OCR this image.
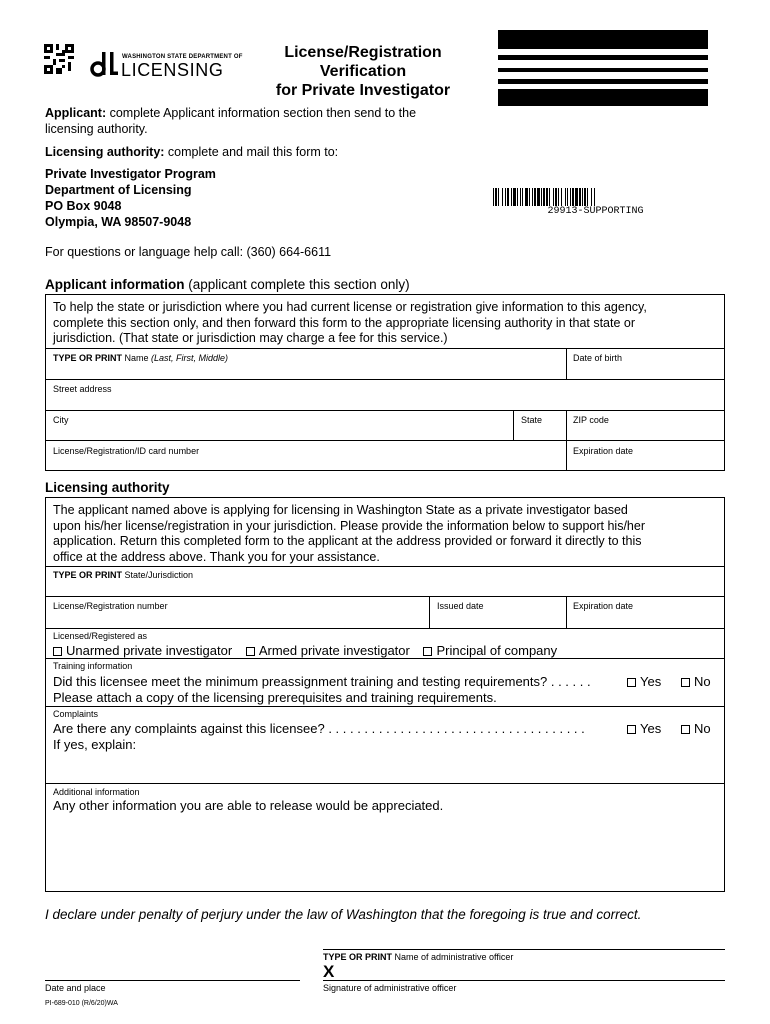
WASHINGTON STATE DEPARTMENT OF
LICENSING
License/Registration
Verification
for Private Investigator
29913-SUPPORTING
Applicant: complete Applicant information section then send to the
licensing authority.
Licensing authority: complete and mail this form to:
Private Investigator Program
Department of Licensing
PO Box 9048
Olympia, WA 98507-9048
For questions or language help call: (360) 664-6611
Applicant information (applicant complete this section only)
To help the state or jurisdiction where you had current license or registration give information to this agency,
complete this section only, and then forward this form to the appropriate licensing authority in that state or
jurisdiction. (That state or jurisdiction may charge a fee for this service.)
TYPE OR PRINT Name (Last, First, Middle)	Date of birth
Street address
City	State	ZIP code
License/Registration/ID card number	Expiration date
Licensing authority
The applicant named above is applying for licensing in Washington State as a private investigator based
upon his/her license/registration in your jurisdiction. Please provide the information below to support his/her
application. Return this completed form to the applicant at the address provided or forward it directly to this
office at the address above. Thank you for your assistance.
TYPE OR PRINT State/Jurisdiction
License/Registration number	Issued date	Expiration date
Licensed/Registered as
Unarmed private investigator Armed private investigator Principal of company
Training information
Did this licensee meet the minimum preassignment training and testing requirements? . . . . . .	Yes	No
Please attach a copy of the licensing prerequisites and training requirements.
Complaints
Are there any complaints against this licensee? . . . . . . . . . . . . . . . . . . . . . . . . . . . . . . . . . . . .	Yes	No
If yes, explain:
Additional information
Any other information you are able to release would be appreciated.
I declare under penalty of perjury under the law of Washington that the foregoing is true and correct.
TYPE OR PRINT Name of administrative officer
X
Date and place	Signature of administrative officer
PI-689-010 (R/6/20)WA
